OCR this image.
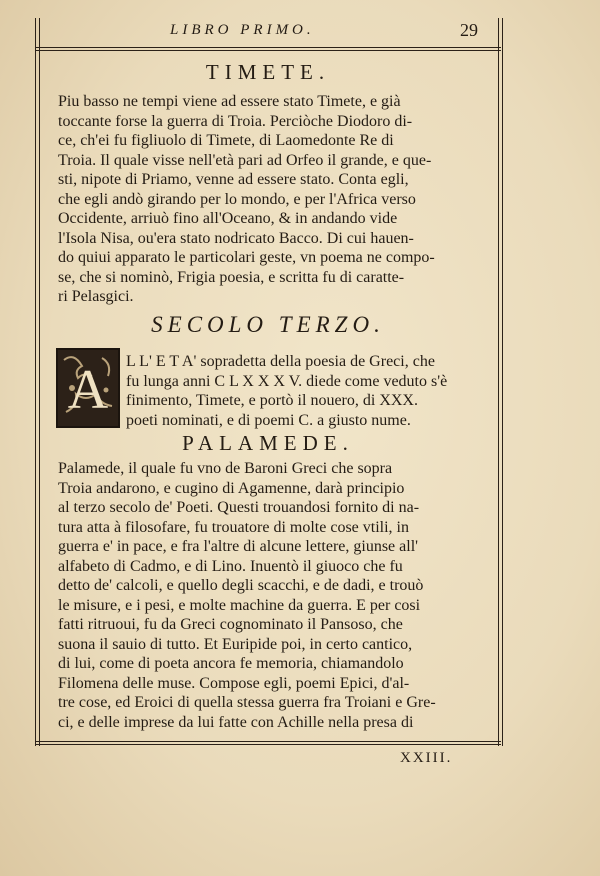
LIBRO PRIMO.	29
TIMETE.
Piu basso ne tempi viene ad essere stato Timete, e già
toccante forse la guerra di Troia. Perciòche Diodoro di-
ce, ch'ei fu figliuolo di Timete, di Laomedonte Re di
Troia. Il quale visse nell'età pari ad Orfeo il grande, e que-
sti, nipote di Priamo, venne ad essere stato. Conta egli,
che egli andò girando per lo mondo, e per l'Africa verso
Occidente, arriuò fino all'Oceano, & in andando vide
l'Isola Nisa, ou'era stato nodricato Bacco. Di cui hauen-
do quiui apparato le particolari geste, vn poema ne compo-
se, che si nominò, Frigia poesia, e scritta fu di caratte-
ri Pelasgici.
SECOLO TERZO.
A L L' E T A' sopradetta della poesia de Greci, che
fu lunga anni C L X X X V. diede come veduto s'è
finimento, Timete, e portò il nouero, di XXX.
poeti nominati, e di poemi C. a giusto nume.
PALAMEDE.
Palamede, il quale fu vno de Baroni Greci che sopra
Troia andarono, e cugino di Agamenne, darà principio
al terzo secolo de' Poeti. Questi trouandosi fornito di na-
tura atta à filosofare, fu trouatore di molte cose vtili, in
guerra e' in pace, e fra l'altre di alcune lettere, giunse all'
alfabeto di Cadmo, e di Lino. Inuentò il giuoco che fu
detto de' calcoli, e quello degli scacchi, e de dadi, e trouò
le misure, e i pesi, e molte machine da guerra. E per cosi
fatti ritruoui, fu da Greci cognominato il Pansoso, che
suona il sauio di tutto. Et Euripide poi, in certo cantico,
di lui, come di poeta ancora fe memoria, chiamandolo
Filomena delle muse. Compose egli, poemi Epici, d'al-
tre cose, ed Eroici di quella stessa guerra fra Troiani e Gre-
ci, e delle imprese da lui fatte con Achille nella presa di
XXIII.
